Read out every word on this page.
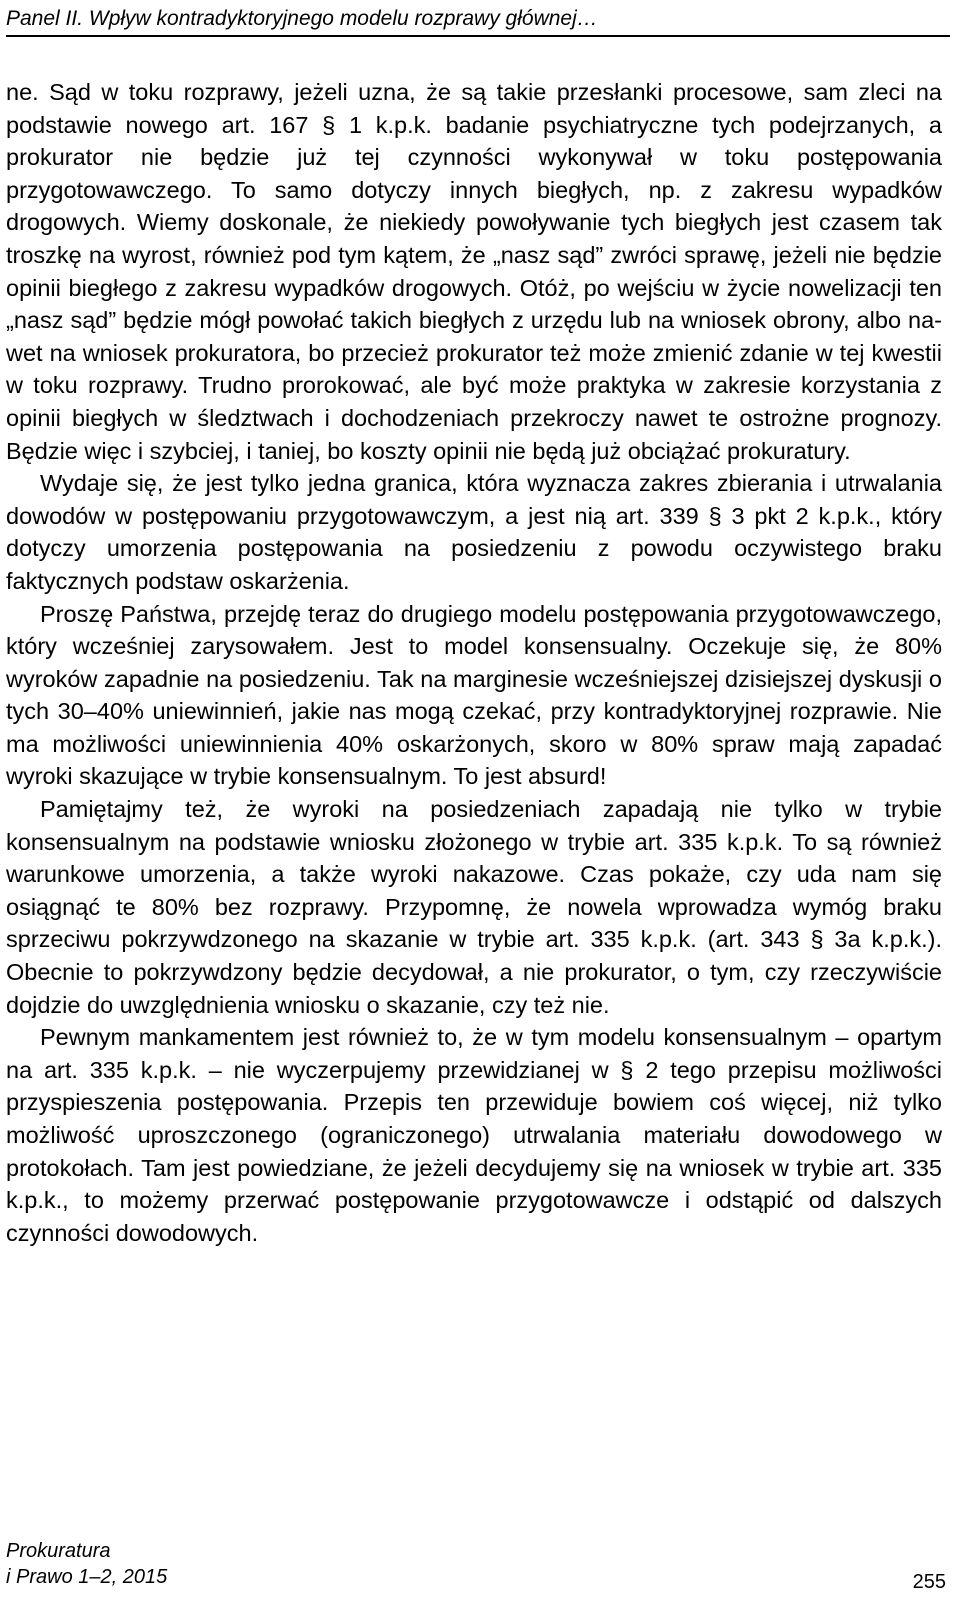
Panel II. Wpływ kontradyktoryjnego modelu rozprawy głównej…

ne. Sąd w toku rozprawy, jeżeli uzna, że są takie przesłanki procesowe, sam zleci na podstawie nowego art. 167 § 1 k.p.k. badanie psychiatryczne tych podejrzanych, a prokurator nie będzie już tej czynności wykonywał w toku postępowania przygotowawczego. To samo dotyczy innych biegłych, np. z zakresu wypadków drogowych. Wiemy doskonale, że niekiedy powoływanie tych biegłych jest czasem tak troszkę na wyrost, również pod tym kątem, że „nasz sąd” zwróci sprawę, jeżeli nie będzie opinii biegłego z zakresu wypadków drogowych. Otóż, po wejściu w życie nowelizacji ten „nasz sąd” będzie mógł powołać takich biegłych z urzędu lub na wniosek obrony, albo nawet na wniosek prokuratora, bo przecież prokurator też może zmienić zdanie w tej kwestii w toku rozprawy. Trudno prorokować, ale być może praktyka w zakresie korzystania z opinii biegłych w śledztwach i dochodzeniach przekroczy nawet te ostrożne prognozy. Będzie więc i szybciej, i taniej, bo koszty opinii nie będą już obciążać prokuratury.

Wydaje się, że jest tylko jedna granica, która wyznacza zakres zbierania i utrwalania dowodów w postępowaniu przygotowawczym, a jest nią art. 339 § 3 pkt 2 k.p.k., który dotyczy umorzenia postępowania na posiedzeniu z powodu oczywistego braku faktycznych podstaw oskarżenia.

Proszę Państwa, przejdę teraz do drugiego modelu postępowania przygotowawczego, który wcześniej zarysowałem. Jest to model konsensualny. Oczekuje się, że 80% wyroków zapadnie na posiedzeniu. Tak na marginesie wcześniejszej dzisiejszej dyskusji o tych 30–40% uniewinnień, jakie nas mogą czekać, przy kontradyktoryjnej rozprawie. Nie ma możliwości uniewinnienia 40% oskarżonych, skoro w 80% spraw mają zapadać wyroki skazujące w trybie konsensualnym. To jest absurd!

Pamiętajmy też, że wyroki na posiedzeniach zapadają nie tylko w trybie konsensualnym na podstawie wniosku złożonego w trybie art. 335 k.p.k. To są również warunkowe umorzenia, a także wyroki nakazowe. Czas pokaże, czy uda nam się osiągnąć te 80% bez rozprawy. Przypomnę, że nowela wprowadza wymóg braku sprzeciwu pokrzywdzonego na skazanie w trybie art. 335 k.p.k. (art. 343 § 3a k.p.k.). Obecnie to pokrzywdzony będzie decydował, a nie prokurator, o tym, czy rzeczywiście dojdzie do uwzględnienia wniosku o skazanie, czy też nie.

Pewnym mankamentem jest również to, że w tym modelu konsensualnym – opartym na art. 335 k.p.k. – nie wyczerpujemy przewidzianej w § 2 tego przepisu możliwości przyspieszenia postępowania. Przepis ten przewiduje bowiem coś więcej, niż tylko możliwość uproszczonego (ograniczonego) utrwalania materiału dowodowego w protokołach. Tam jest powiedziane, że jeżeli decydujemy się na wniosek w trybie art. 335 k.p.k., to możemy przerwać postępowanie przygotowawcze i odstąpić od dalszych czynności dowodowych.

Prokuratura
i Prawo 1–2, 2015	255
